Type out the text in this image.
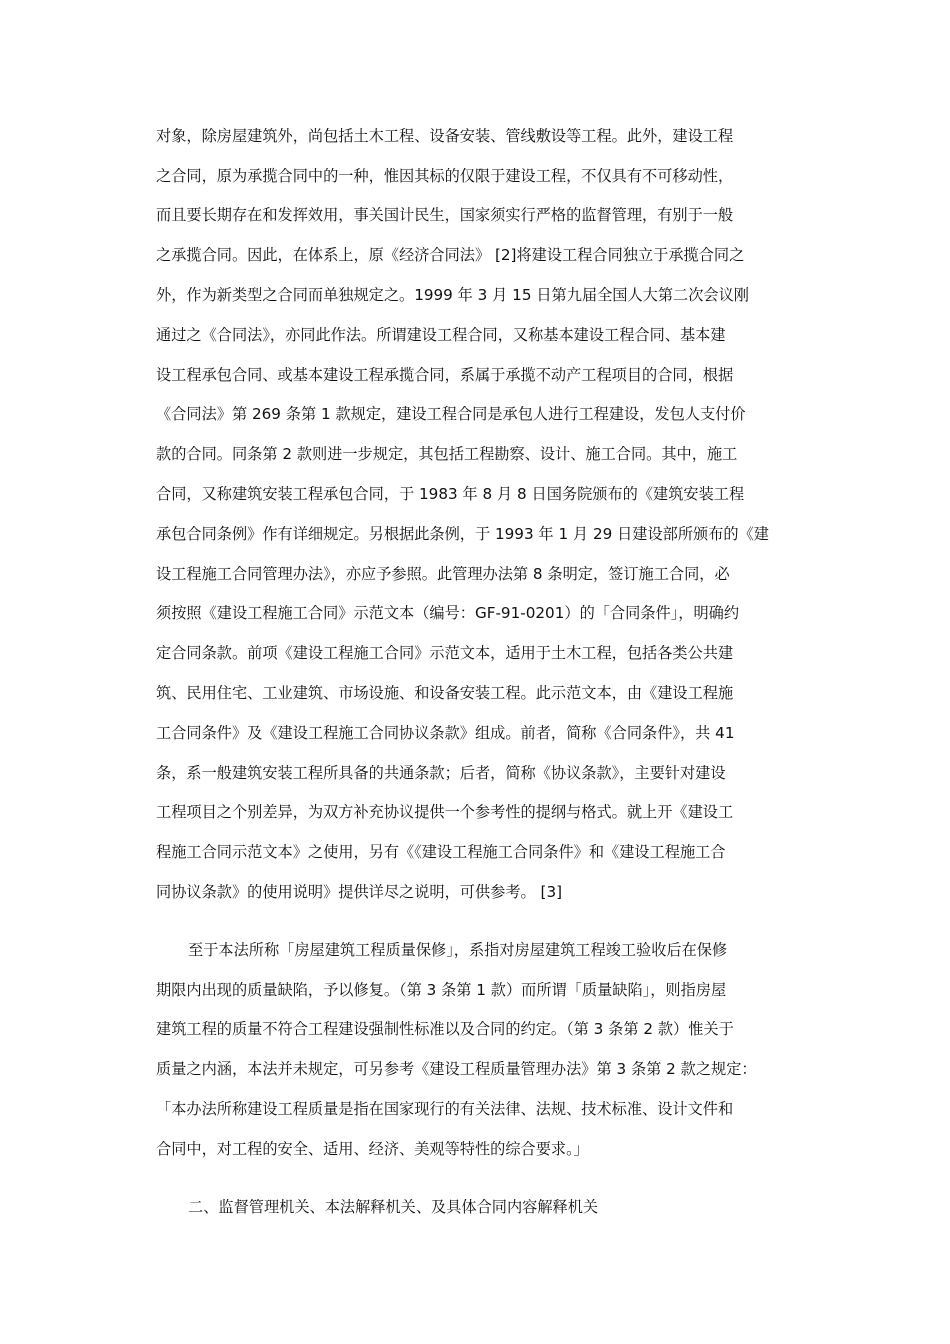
对象，除房屋建筑外，尚包括土木工程、设备安装、管线敷设等工程。此外，建设工程
之合同，原为承揽合同中的一种，惟因其标的仅限于建设工程，不仅具有不可移动性，
而且要长期存在和发挥效用，事关国计民生，国家须实行严格的监督管理，有别于一般
之承揽合同。因此，在体系上，原《经济合同法》 [2]将建设工程合同独立于承揽合同之
外，作为新类型之合同而单独规定之。1999 年 3 月 15 日第九届全国人大第二次会议刚
通过之《合同法》，亦同此作法。所谓建设工程合同，又称基本建设工程合同、基本建
设工程承包合同、或基本建设工程承揽合同，系属于承揽不动产工程项目的合同，根据
《合同法》第 269 条第 1 款规定，建设工程合同是承包人进行工程建设，发包人支付价
款的合同。同条第 2 款则进一步规定，其包括工程勘察、设计、施工合同。其中，施工
合同，又称建筑安装工程承包合同，于 1983 年 8 月 8 日国务院颁布的《建筑安装工程
承包合同条例》作有详细规定。另根据此条例，于 1993 年 1 月 29 日建设部所颁布的《建
设工程施工合同管理办法》，亦应予参照。此管理办法第 8 条明定，签订施工合同，必
须按照《建设工程施工合同》示范文本（编号：GF-91-0201）的「合同条件」，明确约
定合同条款。前项《建设工程施工合同》示范文本，适用于土木工程，包括各类公共建
筑、民用住宅、工业建筑、市场设施、和设备安装工程。此示范文本，由《建设工程施
工合同条件》及《建设工程施工合同协议条款》组成。前者，简称《合同条件》，共 41
条，系一般建筑安装工程所具备的共通条款；后者，简称《协议条款》，主要针对建设
工程项目之个别差异，为双方补充协议提供一个参考性的提纲与格式。就上开《建设工
程施工合同示范文本》之使用，另有《《建设工程施工合同条件》和《建设工程施工合
同协议条款》的使用说明》提供详尽之说明，可供参考。 [3]
至于本法所称「房屋建筑工程质量保修」，系指对房屋建筑工程竣工验收后在保修
期限内出现的质量缺陷，予以修复。（第 3 条第 1 款）而所谓「质量缺陷」，则指房屋
建筑工程的质量不符合工程建设强制性标准以及合同的约定。（第 3 条第 2 款）惟关于
质量之内涵，本法并未规定，可另参考《建设工程质量管理办法》第 3 条第 2 款之规定：
「本办法所称建设工程质量是指在国家现行的有关法律、法规、技术标准、设计文件和
合同中，对工程的安全、适用、经济、美观等特性的综合要求。」
二、监督管理机关、本法解释机关、及具体合同内容解释机关
